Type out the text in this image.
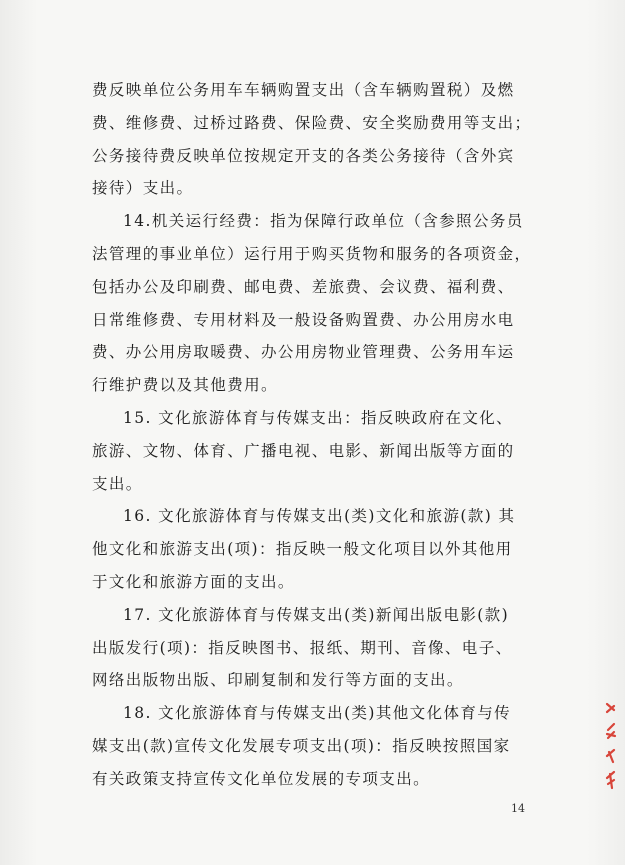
费反映单位公务用车车辆购置支出（含车辆购置税）及燃
费、维修费、过桥过路费、保险费、安全奖励费用等支出；
公务接待费反映单位按规定开支的各类公务接待（含外宾
接待）支出。
14.机关运行经费：指为保障行政单位（含参照公务员
法管理的事业单位）运行用于购买货物和服务的各项资金，
包括办公及印刷费、邮电费、差旅费、会议费、福利费、
日常维修费、专用材料及一般设备购置费、办公用房水电
费、办公用房取暖费、办公用房物业管理费、公务用车运
行维护费以及其他费用。
15. 文化旅游体育与传媒支出：指反映政府在文化、
旅游、文物、体育、广播电视、电影、新闻出版等方面的
支出。
16. 文化旅游体育与传媒支出(类)文化和旅游(款) 其
他文化和旅游支出(项)：指反映一般文化项目以外其他用
于文化和旅游方面的支出。
17. 文化旅游体育与传媒支出(类)新闻出版电影(款)
出版发行(项)：指反映图书、报纸、期刊、音像、电子、
网络出版物出版、印刷复制和发行等方面的支出。
18. 文化旅游体育与传媒支出(类)其他文化体育与传
媒支出(款)宣传文化发展专项支出(项)：指反映按照国家
有关政策支持宣传文化单位发展的专项支出。
14
